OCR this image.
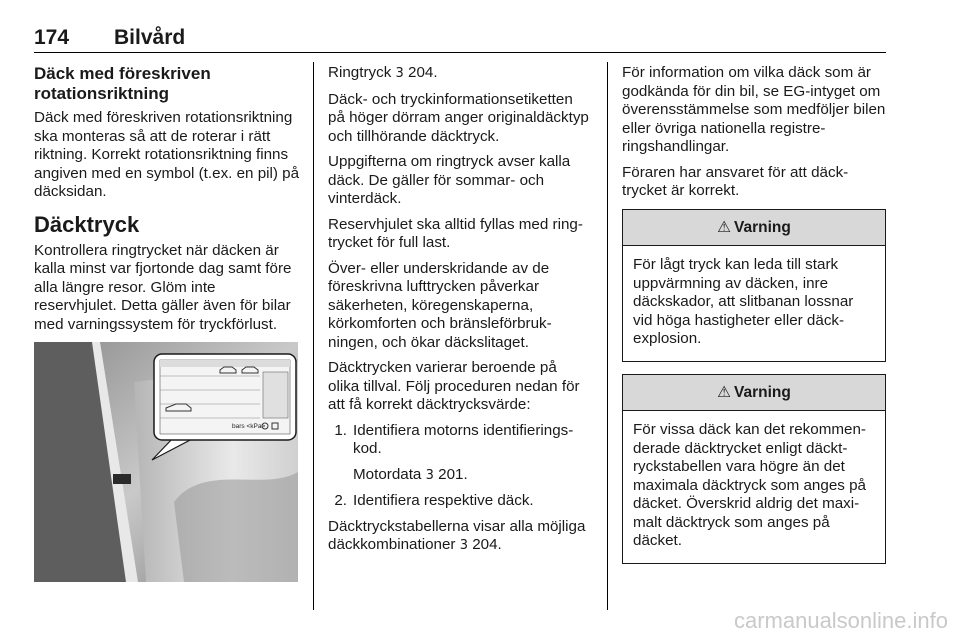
174 Bilvård
Däck med föreskriven rotationsriktning

Däck med föreskriven rotationsriktning ska monteras så att de roterar i rätt riktning. Korrekt rotationsriktning finns angiven med en symbol (t.ex. en pil) på däcksidan.

Däcktryck

Kontrollera ringtrycket när däcken är kalla minst var fjortonde dag samt före alla längre resor. Glöm inte reservhjulet. Detta gäller även för bilar med varningssystem för tryckförlust.

bars <kPa>

Ringtryck 3 204.

Däck- och tryckinformationsetiketten på höger dörram anger originaldäcktyp och tillhörande däcktryck.

Uppgifterna om ringtryck avser kalla däck. De gäller för sommar- och vinterdäck.

Reservhjulet ska alltid fyllas med ringtrycket för full last.

Över- eller underskridande av de föreskrivna lufttrycken påverkar säkerheten, köregenskaperna, körkomforten och bränsleförbrukningen, och ökar däckslitaget.

Däcktrycken varierar beroende på olika tillval. Följ proceduren nedan för att få korrekt däcktrycksvärde:

1. Identifiera motorns identifieringskod.

Motordata 3 201.

2. Identifiera respektive däck.

Däcktryckstabellerna visar alla möjliga däckkombinationer 3 204.

För information om vilka däck som är godkända för din bil, se EG-intyget om överensstämmelse som medföljer bilen eller övriga nationella registreringshandlingar.

Föraren har ansvaret för att däcktrycket är korrekt.

⚠ Varning

För lågt tryck kan leda till stark uppvärmning av däcken, inre däckskador, att slitbanan lossnar vid höga hastigheter eller däckexplosion.

⚠ Varning

För vissa däck kan det rekommenderade däcktrycket enligt däcktryckstabellen vara högre än det maximala däcktryck som anges på däcket. Överskrid aldrig det maximalt däcktryck som anges på däcket.

carmanualsonline.info
